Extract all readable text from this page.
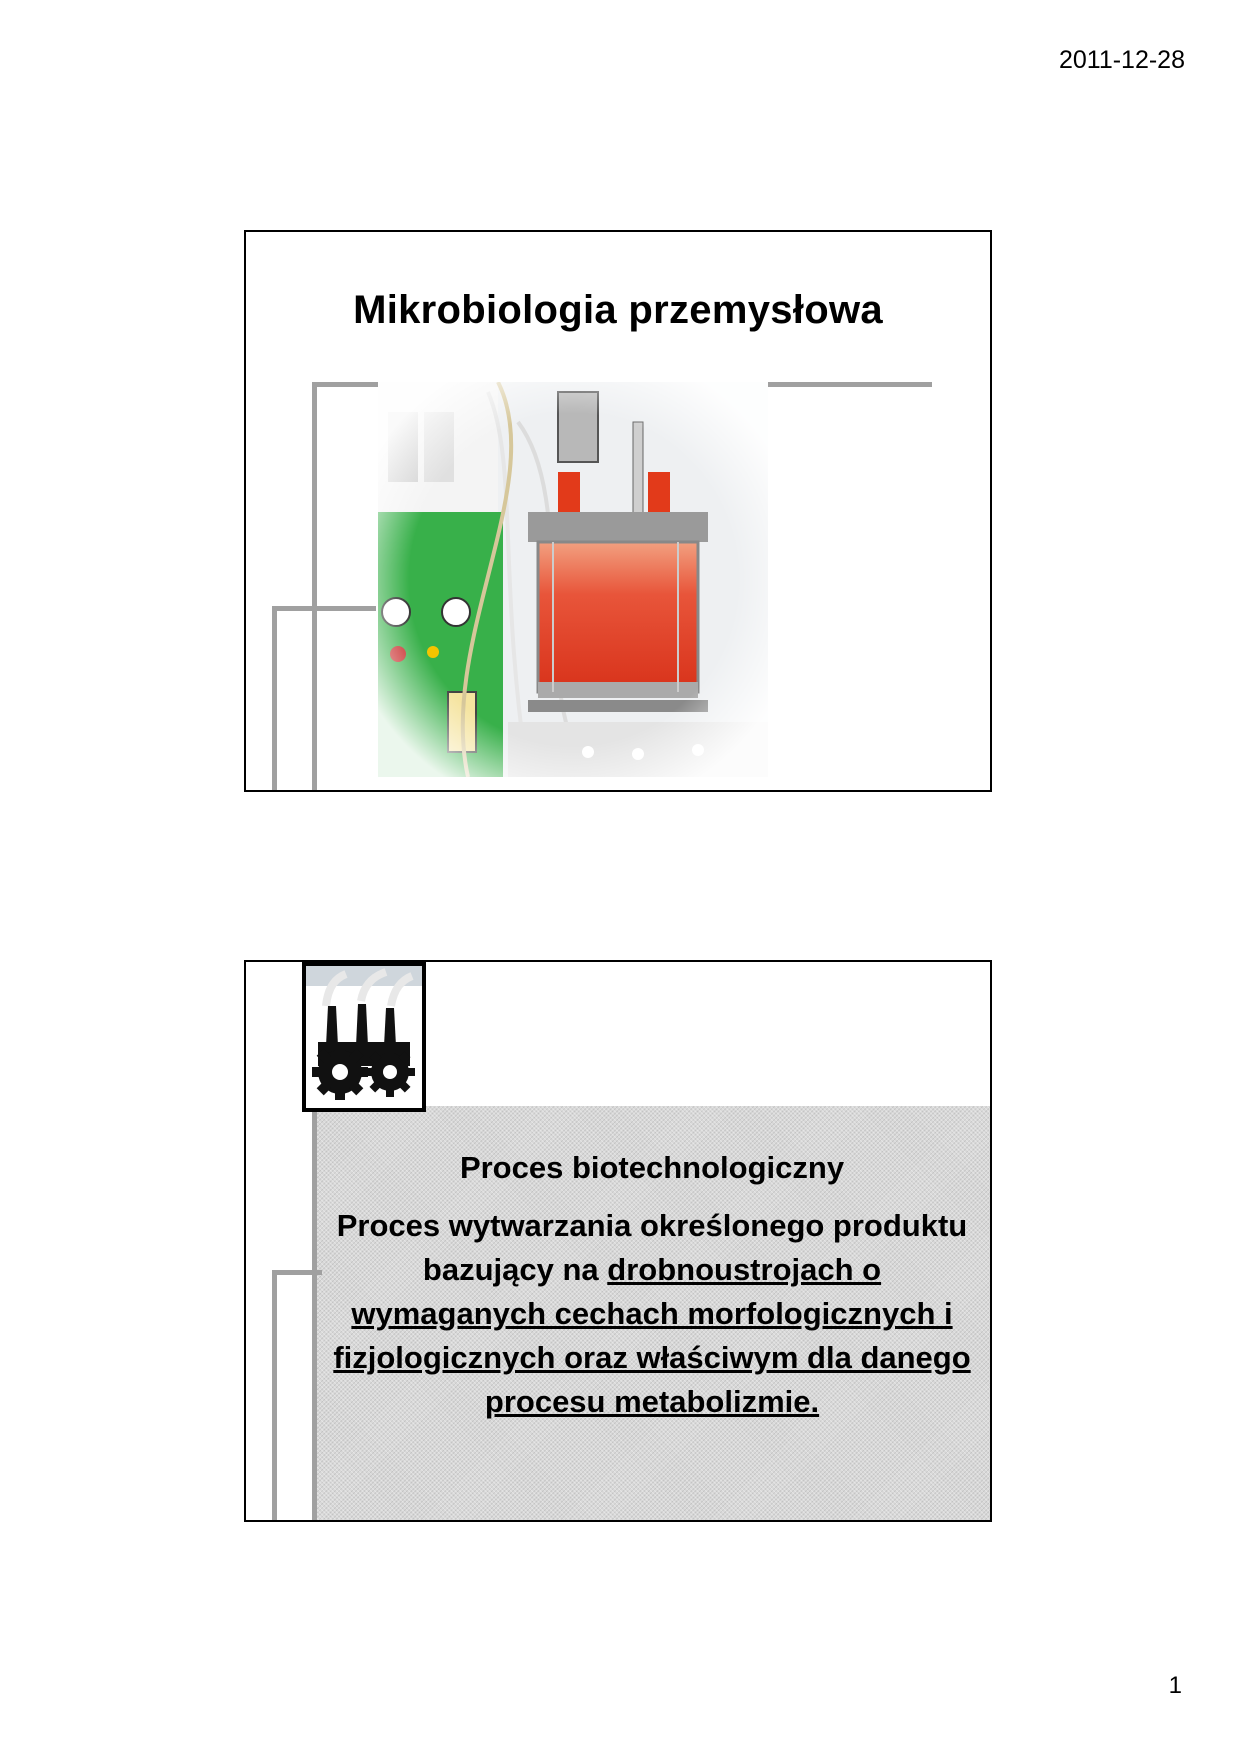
2011-12-28
Mikrobiologia przemysłowa
Proces biotechnologiczny
Proces wytwarzania określonego produktu bazujący na drobnoustrojach o wymaganych cechach morfologicznych i fizjologicznych oraz właściwym dla danego procesu metabolizmie.
1
